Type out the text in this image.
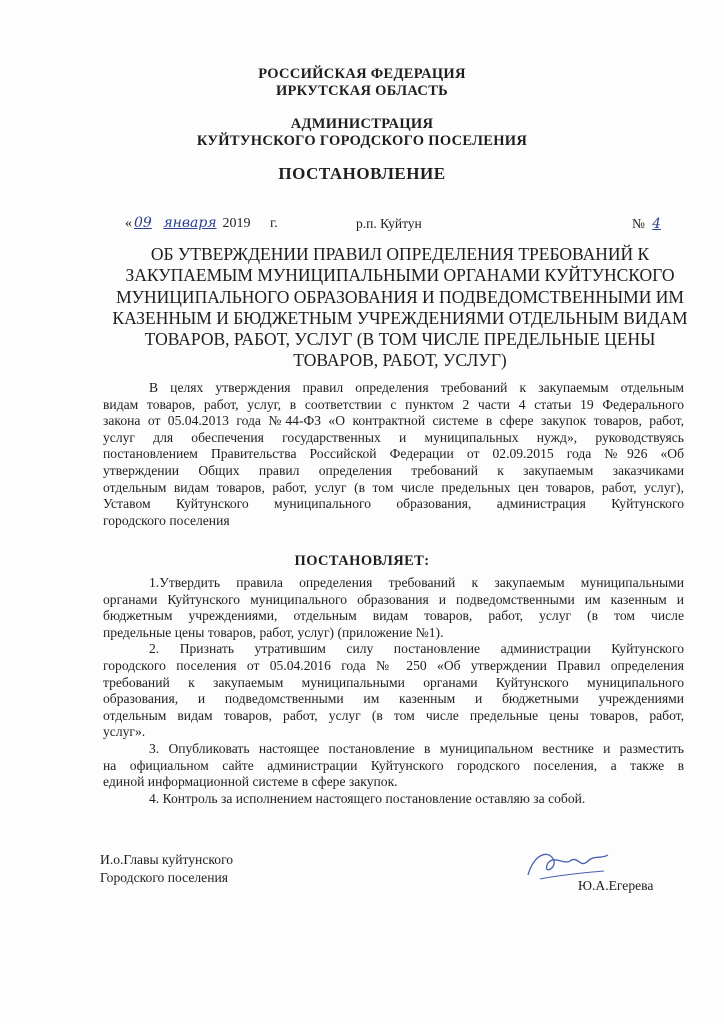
РОССИЙСКАЯ ФЕДЕРАЦИЯ
ИРКУТСКАЯ ОБЛАСТЬ
АДМИНИСТРАЦИЯ
КУЙТУНСКОГО ГОРОДСКОГО ПОСЕЛЕНИЯ
ПОСТАНОВЛЕНИЕ
« 09 января 2019 г.	р.п. Куйтун	№ 4
ОБ УТВЕРЖДЕНИИ ПРАВИЛ ОПРЕДЕЛЕНИЯ ТРЕБОВАНИЙ К
ЗАКУПАЕМЫМ МУНИЦИПАЛЬНЫМИ ОРГАНАМИ КУЙТУНСКОГО
МУНИЦИПАЛЬНОГО ОБРАЗОВАНИЯ И ПОДВЕДОМСТВЕННЫМИ ИМ
КАЗЕННЫМ И БЮДЖЕТНЫМ УЧРЕЖДЕНИЯМИ ОТДЕЛЬНЫМ ВИДАМ
ТОВАРОВ, РАБОТ, УСЛУГ (В ТОМ ЧИСЛЕ ПРЕДЕЛЬНЫЕ ЦЕНЫ
ТОВАРОВ, РАБОТ, УСЛУГ)
В целях утверждения правил определения требований к закупаемым отдельным
видам товаров, работ, услуг, в соответствии с пунктом 2 части 4 статьи 19 Федерального
закона от 05.04.2013 года №44-ФЗ «О контрактной системе в сфере закупок товаров, работ,
услуг для обеспечения государственных и муниципальных нужд», руководствуясь
постановлением Правительства Российской Федерации от 02.09.2015 года №926 «Об
утверждении Общих правил определения требований к закупаемым заказчиками
отдельным видам товаров, работ, услуг (в том числе предельных цен товаров, работ, услуг),
Уставом Куйтунского муниципального образования, администрация Куйтунского
городского поселения
ПОСТАНОВЛЯЕТ:
1.Утвердить правила определения требований к закупаемым муниципальными
органами Куйтунского муниципального образования и подведомственными им казенным и
бюджетным учреждениями, отдельным видам товаров, работ, услуг (в том числе
предельные цены товаров, работ, услуг) (приложение №1).
2. Признать утратившим силу постановление администрации Куйтунского
городского поселения от 05.04.2016 года № 250 «Об утверждении Правил определения
требований к закупаемым муниципальными органами Куйтунского муниципального
образования, и подведомственными им казенным и бюджетными учреждениями
отдельным видам товаров, работ, услуг (в том числе предельные цены товаров, работ,
услуг».
3. Опубликовать настоящее постановление в муниципальном вестнике и разместить
на официальном сайте администрации Куйтунского городского поселения, а также в
единой информационной системе в сфере закупок.
4. Контроль за исполнением настоящего постановление оставляю за собой.
И.о.Главы куйтунского
Городского поселения
Ю.А.Егерева
